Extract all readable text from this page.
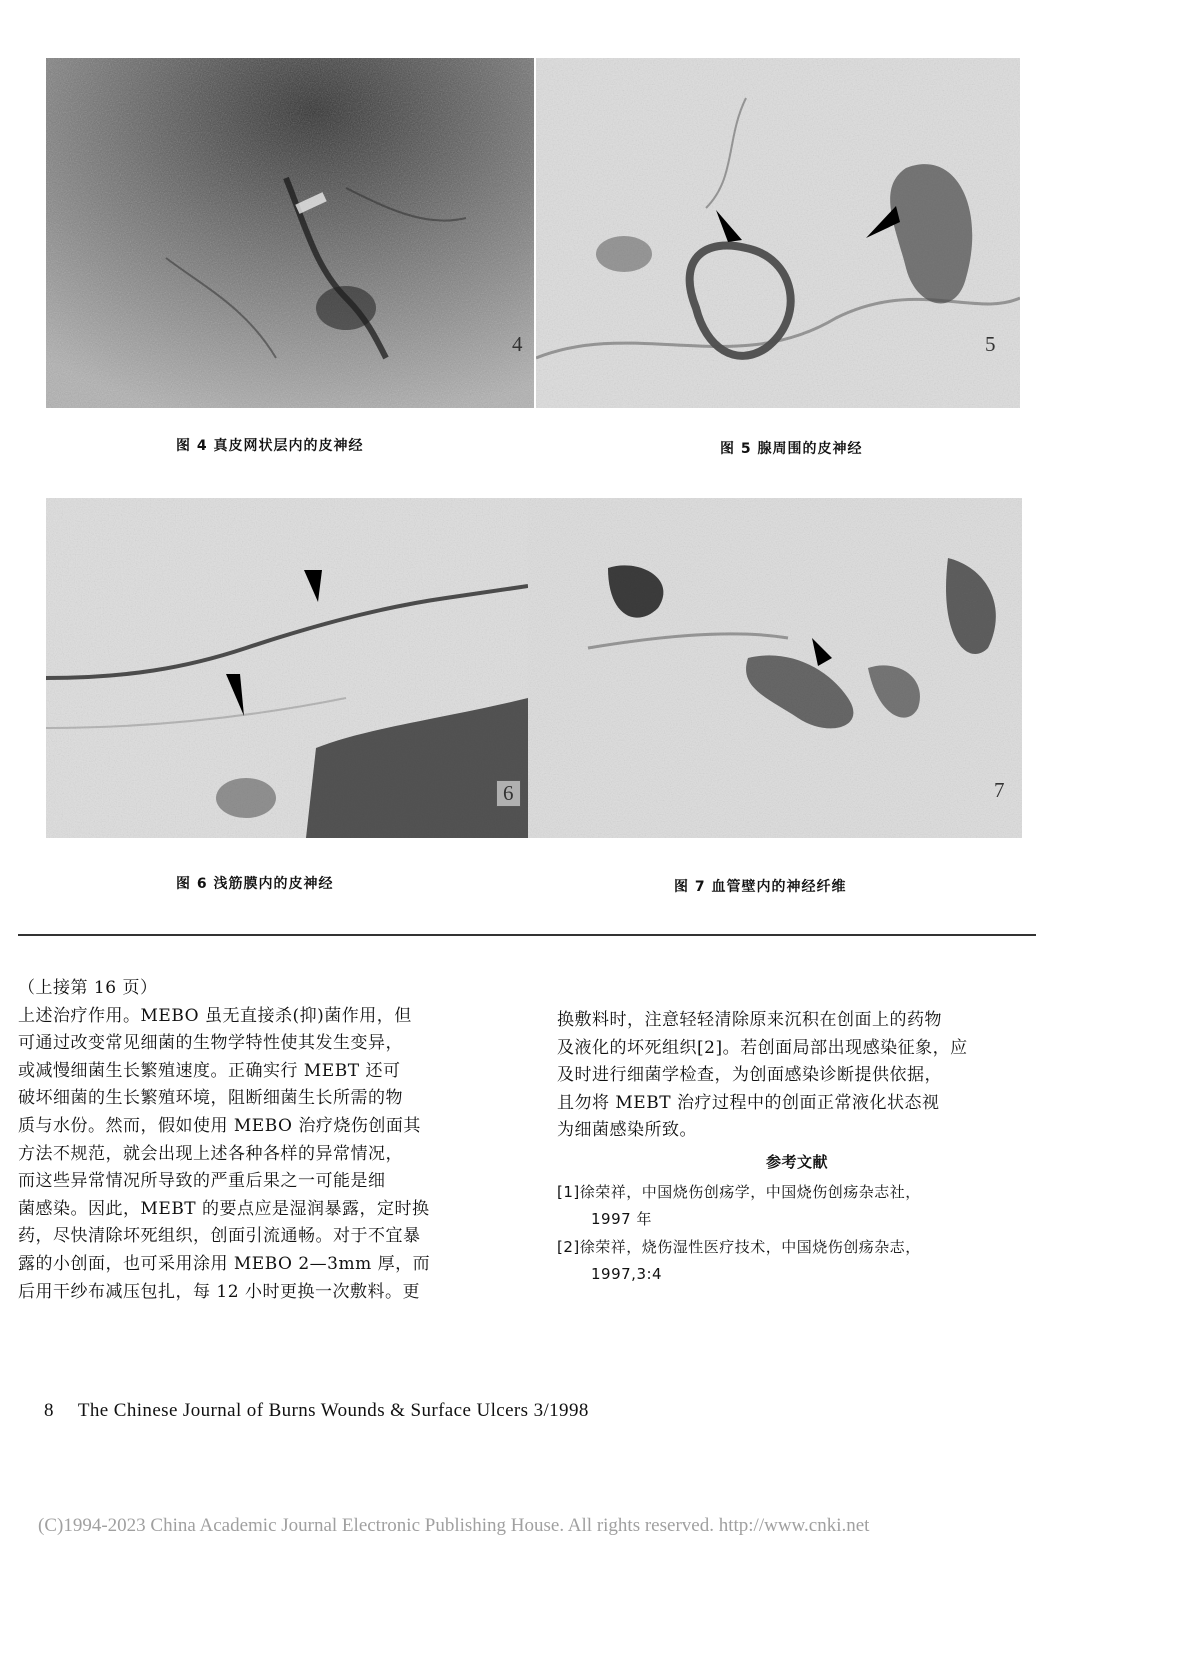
4	5
图 4 真皮网状层内的皮神经	图 5 腺周围的皮神经
6	7
图 6 浅筋膜内的皮神经	图 7 血管壁内的神经纤维

（上接第 16 页）

上述治疗作用。MEBO 虽无直接杀(抑)菌作用，但

可通过改变常见细菌的生物学特性使其发生变异，

或减慢细菌生长繁殖速度。正确实行 MEBT 还可

破坏细菌的生长繁殖环境，阻断细菌生长所需的物

质与水份。然而，假如使用 MEBO 治疗烧伤创面其

方法不规范，就会出现上述各种各样的异常情况，

而这些异常情况所导致的严重后果之一可能是细

菌感染。因此，MEBT 的要点应是湿润暴露，定时换

药，尽快清除坏死组织，创面引流通畅。对于不宜暴

露的小创面，也可采用涂用 MEBO 2—3mm 厚，而

后用干纱布减压包扎，每 12 小时更换一次敷料。更

换敷料时，注意轻轻清除原来沉积在创面上的药物

及液化的坏死组织[2]。若创面局部出现感染征象，应

及时进行细菌学检查，为创面感染诊断提供依据，

且勿将 MEBT 治疗过程中的创面正常液化状态视

为细菌感染所致。

参考文献
[1]徐荣祥，中国烧伤创疡学，中国烧伤创疡杂志社，
1997 年
[2]徐荣祥，烧伤湿性医疗技术，中国烧伤创疡杂志，
1997,3:4
8 The Chinese Journal of Burns Wounds & Surface Ulcers 3/1998
(C)1994-2023 China Academic Journal Electronic Publishing House. All rights reserved. http://www.cnki.net
